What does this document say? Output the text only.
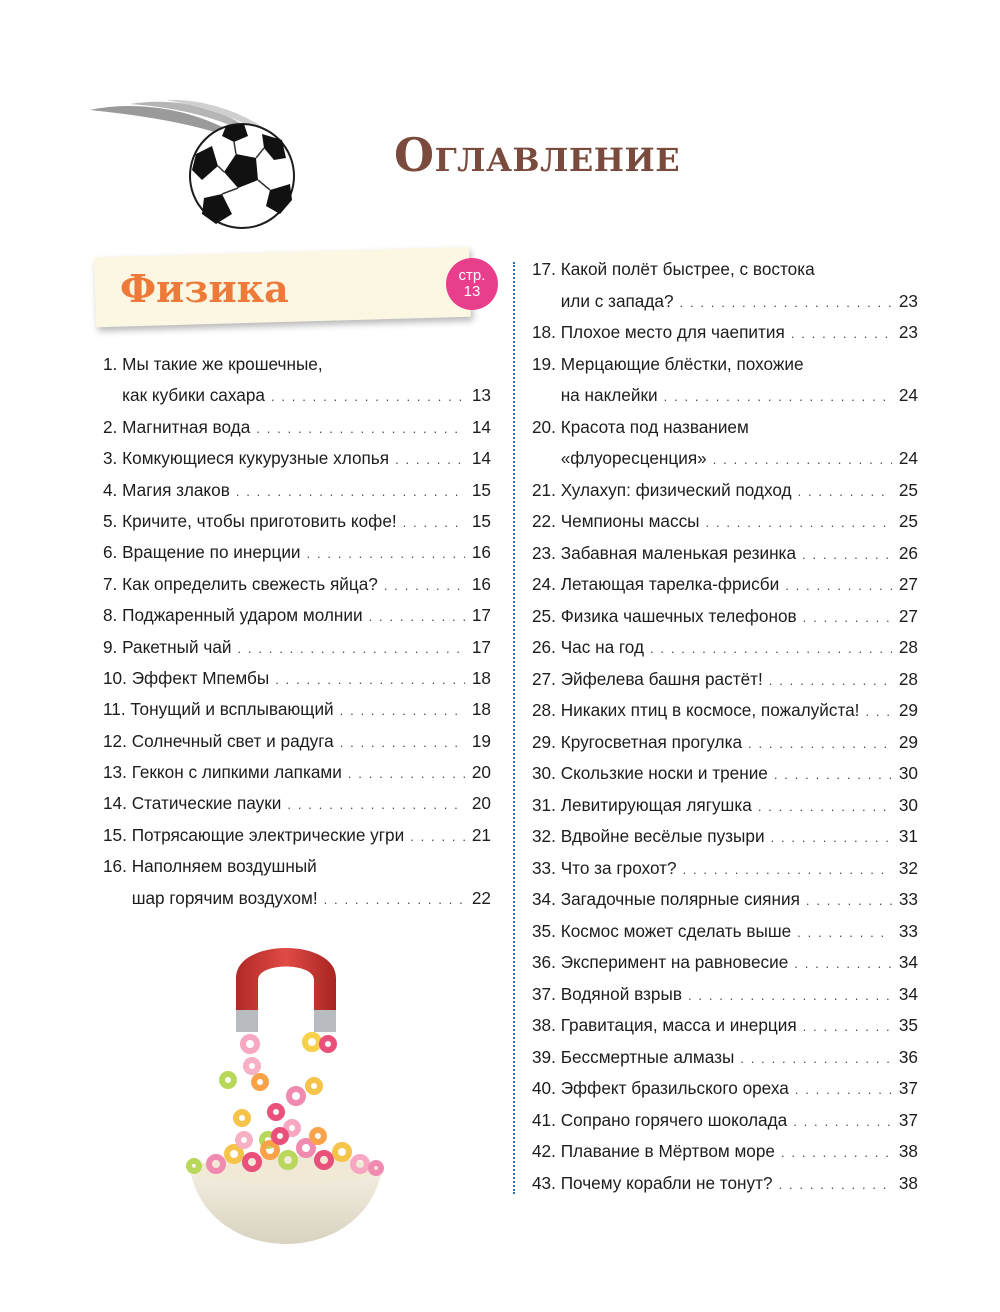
Оглавление
Физика	стр.
13
1.
Мы такие же крошечные,

как кубики сахара . . .	13
2.
Магнитная вода . . .	14
3.
Комкующиеся кукурузные хлопья . . .	14
4.
Магия злаков . . .	15
5.
Кричите, чтобы приготовить кофе! . . .	15
6.
Вращение по инерции . . .	16
7.
Как определить свежесть яйца? . . .	16
8.
Поджаренный ударом молнии . . .	17
9.
Ракетный чай . . .	17
10.
Эффект Мпембы . . .	18
11.
Тонущий и всплывающий . . .	18
12.
Солнечный свет и радуга . . .	19
13.
Геккон с липкими лапками . . .	20
14.
Статические пауки . . .	20
15.
Потрясающие электрические угри . . .	21
16.
Наполняем воздушный

шар горячим воздухом! . . .	22
17.
Какой полёт быстрее, с востока

или с запада? . . .	23
18.
Плохое место для чаепития . . .	23
19.
Мерцающие блёстки, похожие

на наклейки . . .	24
20.
Красота под названием

«флуоресценция» . . .	24
21.
Хулахуп: физический подход . . .	25
22.
Чемпионы массы . . .	25
23.
Забавная маленькая резинка . . .	26
24.
Летающая тарелка-фрисби . . .	27
25.
Физика чашечных телефонов . . .	27
26.
Час на год . . .	28
27.
Эйфелева башня растёт! . . .	28
28.
Никаких птиц в космосе, пожалуйста! . . . 29
29.
Кругосветная прогулка . . .	29
30.
Скользкие носки и трение . . .	30
31.
Левитирующая лягушка . . .	30
32.
Вдвойне весёлые пузыри . . .	31
33.
Что за грохот? . . .	32
34.
Загадочные полярные сияния . . .	33
35.
Космос может сделать выше . . .	33
36.
Эксперимент на равновесие . . .	34
37.
Водяной взрыв . . .	34
38.
Гравитация, масса и инерция . . .	35
39.
Бессмертные алмазы . . .	36
40.
Эффект бразильского ореха . . .	37
41.
Сопрано горячего шоколада . . .	37
42.
Плавание в Мёртвом море . . .	38
43.
Почему корабли не тонут? . . .	38
